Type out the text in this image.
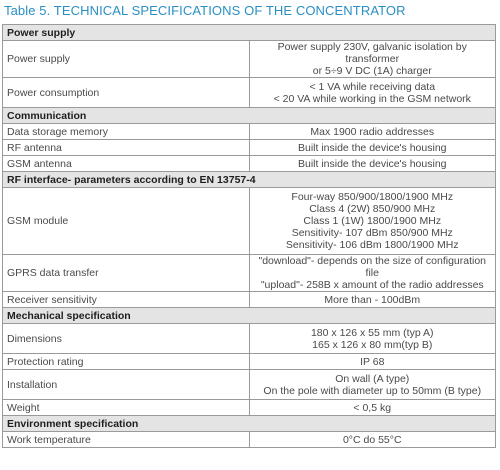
Table 5. TECHNICAL SPECIFICATIONS OF THE CONCENTRATOR
Power supply	
Power supply	Power supply 230V, galvanic isolation by transformer
or 5÷9 V DC (1A) charger

Power consumption	< 1 VA while receiving data
< 20 VA while working in the GSM network

Communication	
Data storage memory	Max 1900 radio addresses

RF antenna	Built inside the device's housing

GSM antenna	Built inside the device's housing

RF interface- parameters according to EN 13757-4	
GSM module	Four-way 850/900/1800/1900 MHz
Class 4 (2W) 850/900 MHz
Class 1 (1W) 1800/1900 MHz
Sensitivity- 107 dBm 850/900 MHz
Sensitivity- 106 dBm 1800/1900 MHz

GPRS data transfer	"download"- depends on the size of configuration file
"upload"- 258B x amount of the radio addresses

Receiver sensitivity	More than - 100dBm

Mechanical specification	
Dimensions	180 x 126 x 55 mm (typ A)
165 x 126 x 80 mm(typ B)

Protection rating	IP 68

Installation	On wall (A type)
On the pole with diameter up to 50mm (B type)

Weight	< 0,5 kg

Environment specification	
Work temperature	0°C do 55°C
